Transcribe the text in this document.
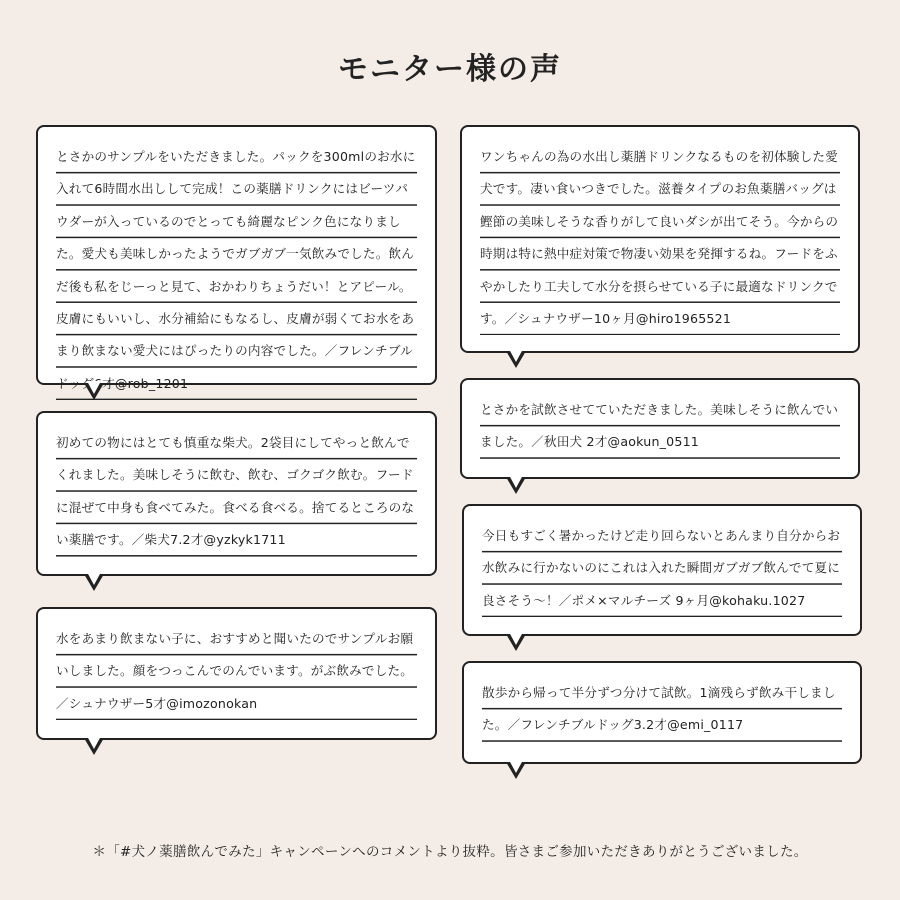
モニター様の声

とさかのサンプルをいただきました。パックを300mlのお水に入れて6時間水出しして完成！この薬膳ドリンクにはビーツパウダーが入っているのでとっても綺麗なピンク色になりました。愛犬も美味しかったようでガブガブ一気飲みでした。飲んだ後も私をじーっと見て、おかわりちょうだい！とアピール。皮膚にもいいし、水分補給にもなるし、皮膚が弱くてお水をあまり飲まない愛犬にはぴったりの内容でした。／フレンチブルドッグ6才@rob_1201

初めての物にはとても慎重な柴犬。2袋目にしてやっと飲んでくれました。美味しそうに飲む、飲む、ゴクゴク飲む。フードに混ぜて中身も食べてみた。食べる食べる。捨てるところのない薬膳です。／柴犬7.2才@yzkyk1711

水をあまり飲まない子に、おすすめと聞いたのでサンプルお願いしました。顔をつっこんでのんでいます。がぶ飲みでした。／シュナウザー5才@imozonokan

ワンちゃんの為の水出し薬膳ドリンクなるものを初体験した愛犬です。凄い食いつきでした。滋養タイプのお魚薬膳バッグは鰹節の美味しそうな香りがして良いダシが出てそう。今からの時期は特に熱中症対策で物凄い効果を発揮するね。フードをふやかしたり工夫して水分を摂らせている子に最適なドリンクです。／シュナウザー10ヶ月@hiro1965521

とさかを試飲させてていただきました。美味しそうに飲んでいました。／秋田犬 2才@aokun_0511

今日もすごく暑かったけど走り回らないとあんまり自分からお水飲みに行かないのにこれは入れた瞬間ガブガブ飲んでて夏に良さそう〜！／ポメ×マルチーズ 9ヶ月@kohaku.1027

散歩から帰って半分ずつ分けて試飲。1滴残らず飲み干しました。／フレンチブルドッグ3.2才@emi_0117

＊「#犬ノ薬膳飲んでみた」キャンペーンへのコメントより抜粋。皆さまご参加いただきありがとうございました。
